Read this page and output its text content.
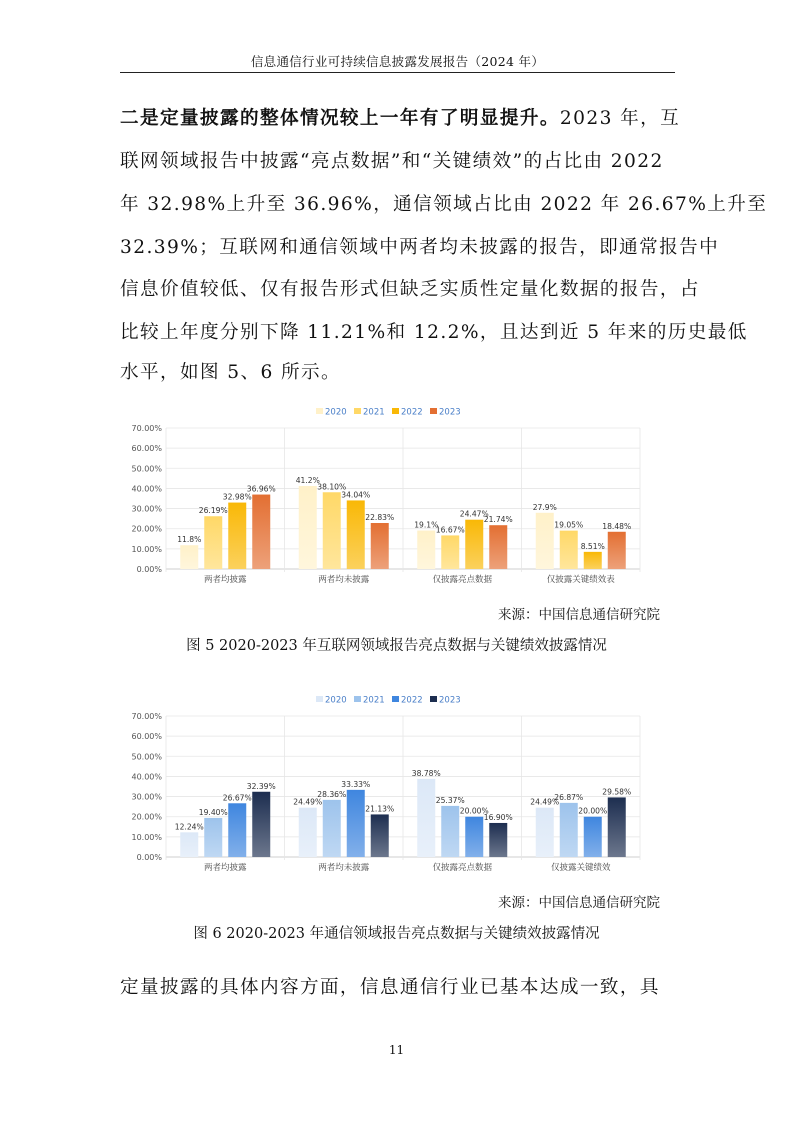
信息通信行业可持续信息披露发展报告（2024 年）
二是定量披露的整体情况较上一年有了明显提升。2023 年，互
联网领域报告中披露“亮点数据”和“关键绩效”的占比由 2022
年 32.98%上升至 36.96%，通信领域占比由 2022 年 26.67%上升至
32.39%；互联网和通信领域中两者均未披露的报告，即通常报告中
信息价值较低、仅有报告形式但缺乏实质性定量化数据的报告，占
比较上年度分别下降 11.21%和 12.2%，且达到近 5 年来的历史最低
水平，如图 5、6 所示。
2020 2021 2022 2023
0.00%
10.00%
20.00%
30.00%
40.00%
50.00%
60.00%
70.00%
11.8%
26.19%
32.98%
36.96%
两者均披露
41.2%
38.10%
34.04%
22.83%
两者均未披露
19.1%
16.67%
24.47%
21.74%
仅披露亮点数据
27.9%
19.05%
8.51%
18.48%
仅披露关键绩效表
来源：中国信息通信研究院
图 5 2020-2023 年互联网领域报告亮点数据与关键绩效披露情况
2020 2021 2022 2023
0.00%
10.00%
20.00%
30.00%
40.00%
50.00%
60.00%
70.00%
12.24%
19.40%
26.67%
32.39%
两者均披露
24.49%
28.36%
33.33%
21.13%
两者均未披露
38.78%
25.37%
20.00%
16.90%
仅披露亮点数据
24.49%
26.87%
20.00%
29.58%
仅披露关键绩效
来源：中国信息通信研究院
图 6 2020-2023 年通信领域报告亮点数据与关键绩效披露情况
定量披露的具体内容方面，信息通信行业已基本达成一致，具
11
